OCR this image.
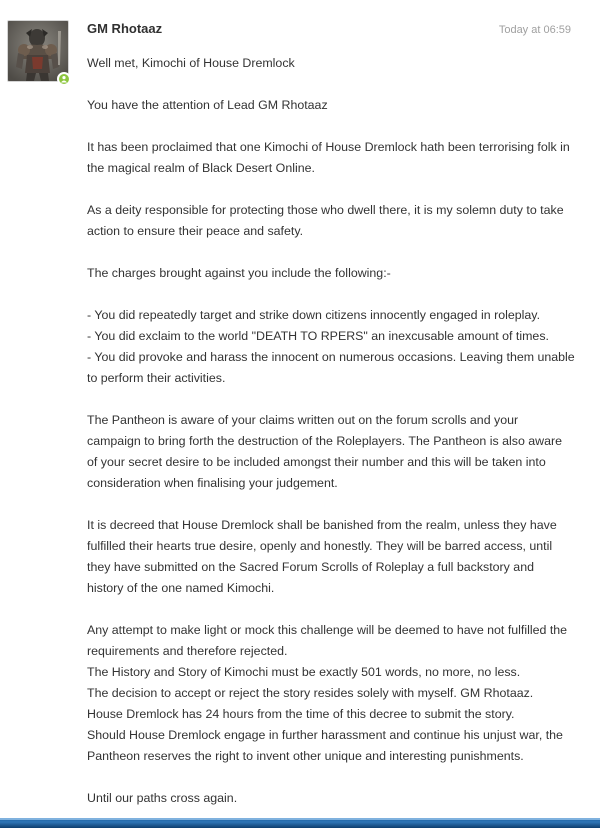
GM Rhotaaz	Today at 06:59

Well met, Kimochi of House Dremlock

You have the attention of Lead GM Rhotaaz

It has been proclaimed that one Kimochi of House Dremlock hath been terrorising folk in
the magical realm of Black Desert Online.

As a deity responsible for protecting those who dwell there, it is my solemn duty to take
action to ensure their peace and safety.

The charges brought against you include the following:-

- You did repeatedly target and strike down citizens innocently engaged in roleplay.
- You did exclaim to the world "DEATH TO RPERS" an inexcusable amount of times.
- You did provoke and harass the innocent on numerous occasions. Leaving them unable
to perform their activities.

The Pantheon is aware of your claims written out on the forum scrolls and your
campaign to bring forth the destruction of the Roleplayers. The Pantheon is also aware
of your secret desire to be included amongst their number and this will be taken into
consideration when finalising your judgement.

It is decreed that House Dremlock shall be banished from the realm, unless they have
fulfilled their hearts true desire, openly and honestly. They will be barred access, until
they have submitted on the Sacred Forum Scrolls of Roleplay a full backstory and
history of the one named Kimochi.

Any attempt to make light or mock this challenge will be deemed to have not fulfilled the
requirements and therefore rejected.
The History and Story of Kimochi must be exactly 501 words, no more, no less.
The decision to accept or reject the story resides solely with myself. GM Rhotaaz.
House Dremlock has 24 hours from the time of this decree to submit the story.
Should House Dremlock engage in further harassment and continue his unjust war, the
Pantheon reserves the right to invent other unique and interesting punishments.

Until our paths cross again.
